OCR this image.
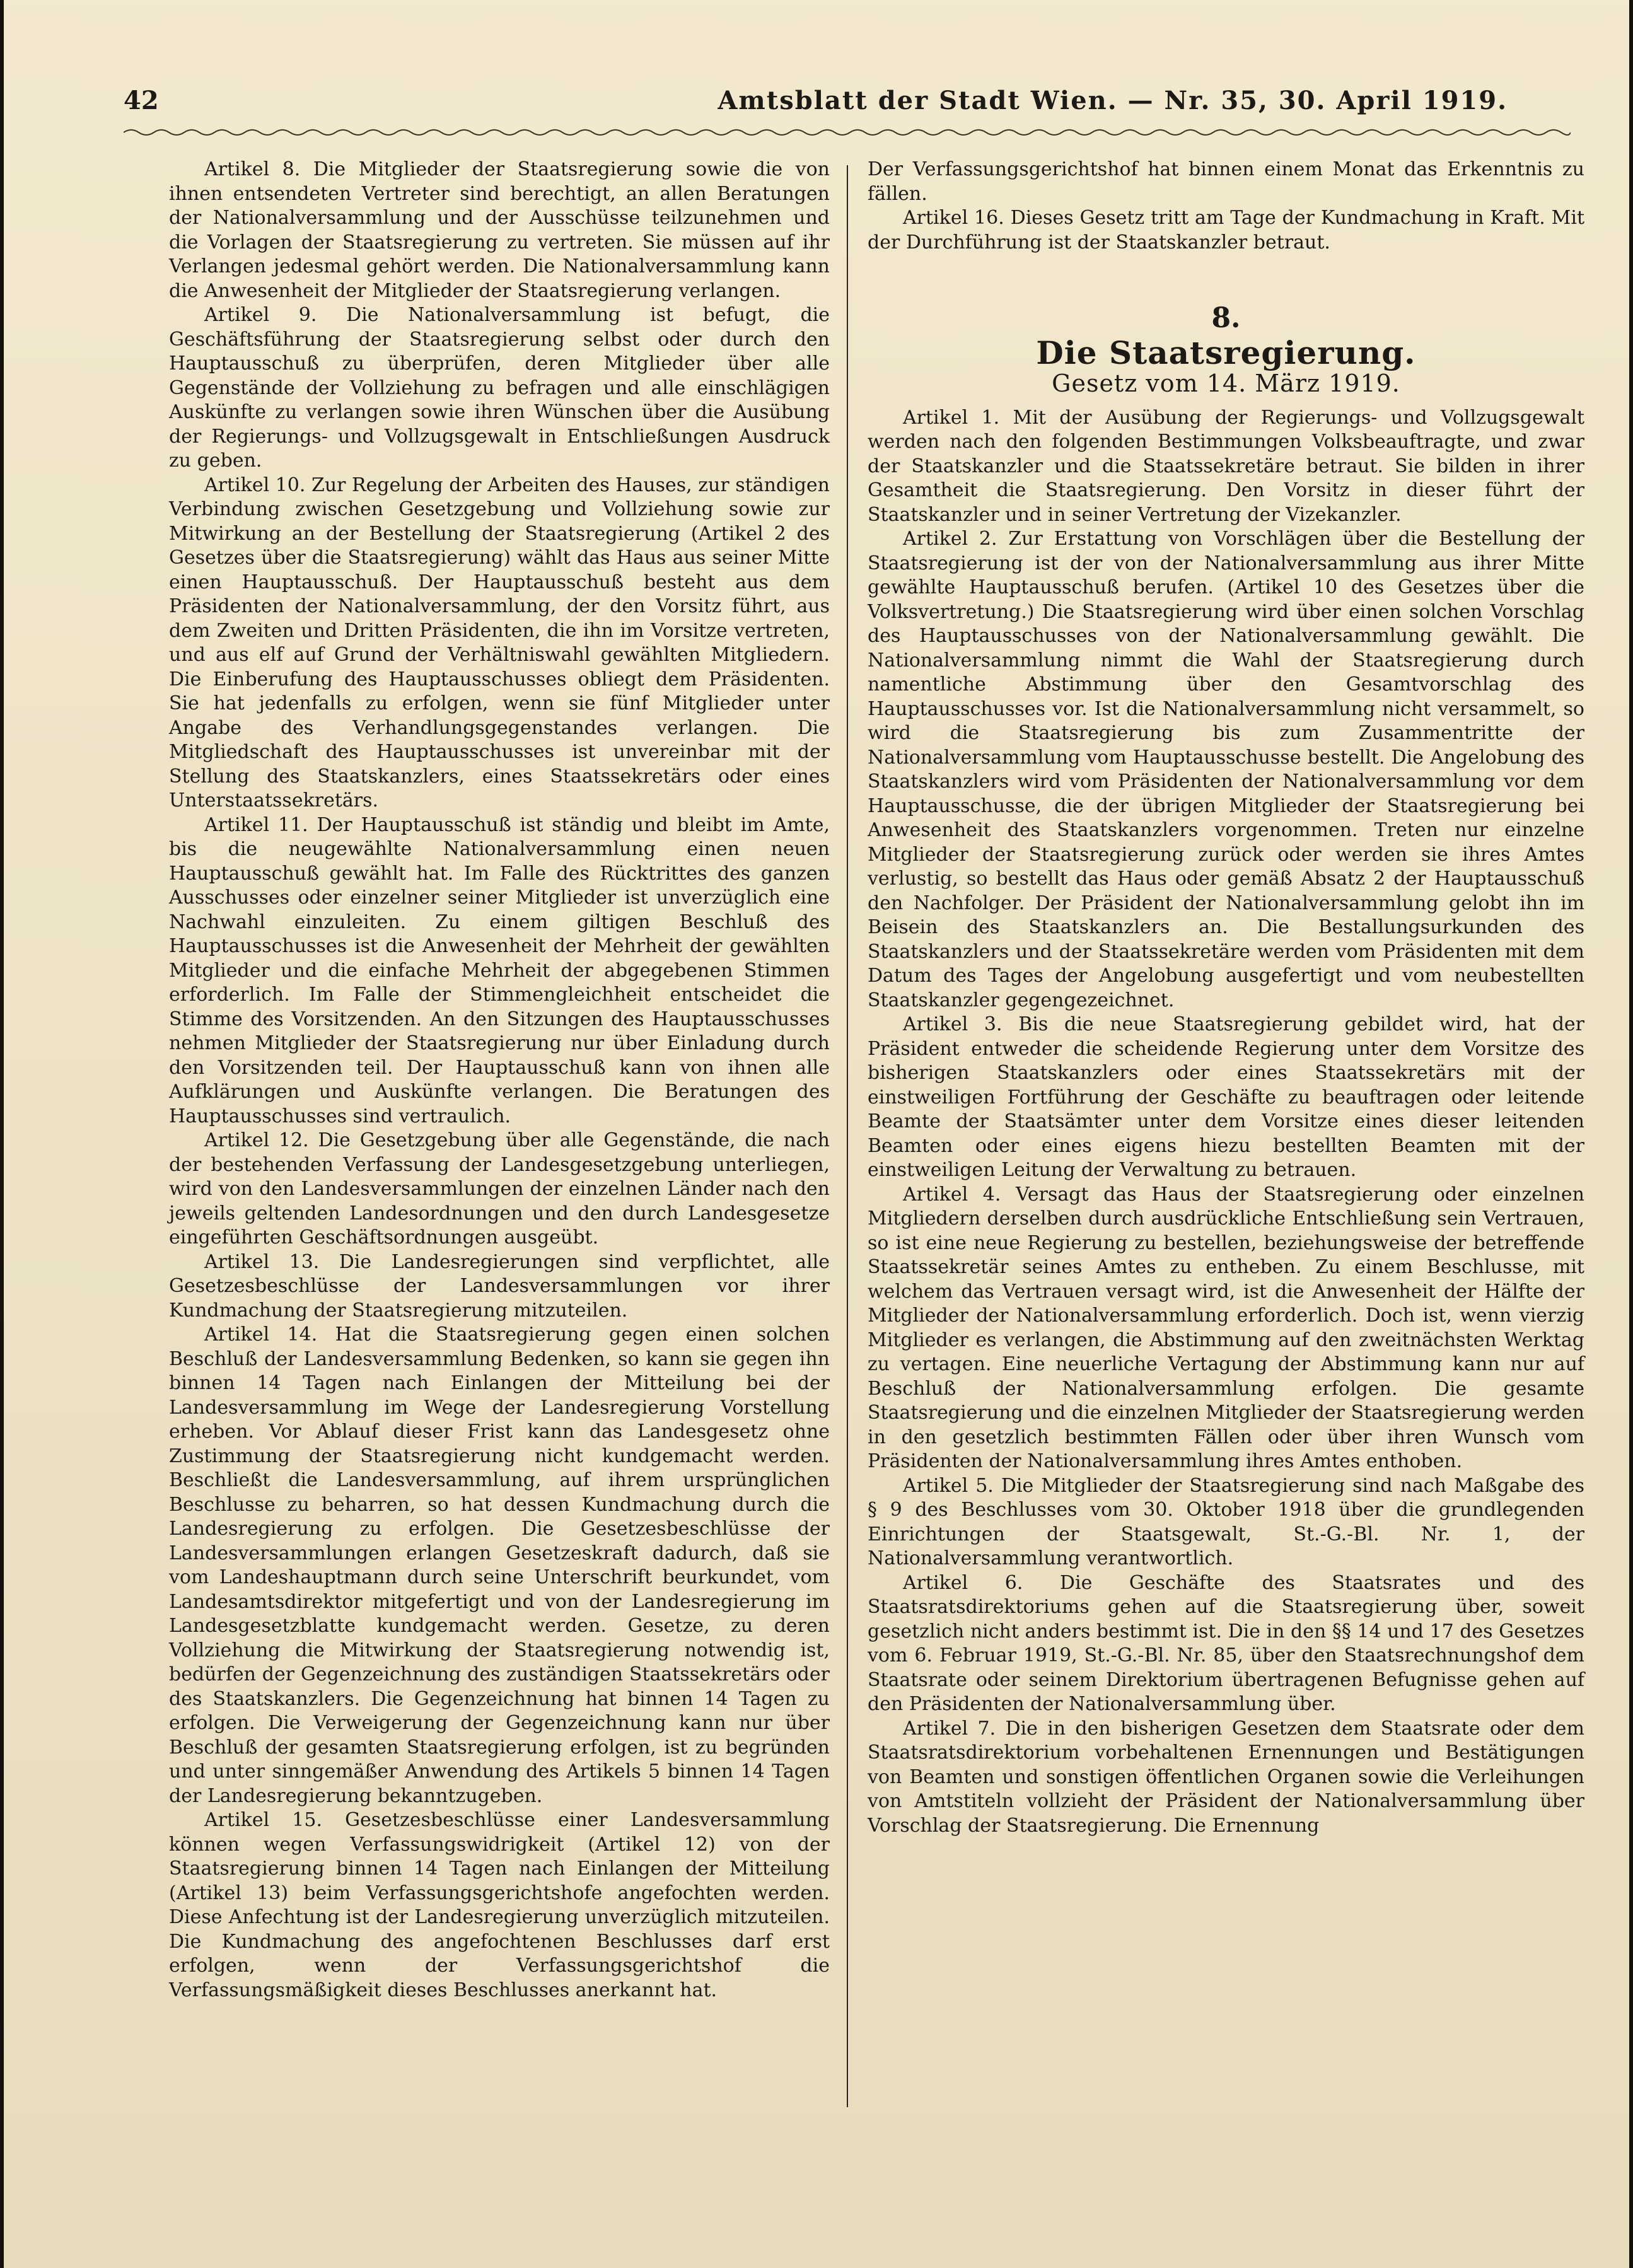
42	Amtsblatt der Stadt Wien. — Nr. 35, 30. April 1919.

Artikel 8. Die Mitglieder der Staatsregierung sowie die von ihnen entsendeten Vertreter sind berechtigt, an allen Beratungen der Nationalversammlung und der Ausschüsse teilzunehmen und die Vorlagen der Staatsregierung zu vertreten. Sie müssen auf ihr Verlangen jedesmal gehört werden. Die Nationalversammlung kann die Anwesenheit der Mitglieder der Staatsregierung verlangen.

Artikel 9. Die Nationalversammlung ist befugt, die Geschäftsführung der Staatsregierung selbst oder durch den Hauptausschuß zu überprüfen, deren Mitglieder über alle Gegenstände der Vollziehung zu befragen und alle einschlägigen Auskünfte zu verlangen sowie ihren Wünschen über die Ausübung der Regierungs- und Vollzugsgewalt in Entschließungen Ausdruck zu geben.

Artikel 10. Zur Regelung der Arbeiten des Hauses, zur ständigen Verbindung zwischen Gesetzgebung und Vollziehung sowie zur Mitwirkung an der Bestellung der Staatsregierung (Artikel 2 des Gesetzes über die Staatsregierung) wählt das Haus aus seiner Mitte einen Hauptausschuß. Der Hauptausschuß besteht aus dem Präsidenten der Nationalversammlung, der den Vorsitz führt, aus dem Zweiten und Dritten Präsidenten, die ihn im Vorsitze vertreten, und aus elf auf Grund der Verhältniswahl gewählten Mitgliedern. Die Einberufung des Hauptausschusses obliegt dem Präsidenten. Sie hat jedenfalls zu erfolgen, wenn sie fünf Mitglieder unter Angabe des Verhandlungsgegenstandes verlangen. Die Mitgliedschaft des Hauptausschusses ist unvereinbar mit der Stellung des Staatskanzlers, eines Staatssekretärs oder eines Unterstaatssekretärs.

Artikel 11. Der Hauptausschuß ist ständig und bleibt im Amte, bis die neugewählte Nationalversammlung einen neuen Hauptausschuß gewählt hat. Im Falle des Rücktrittes des ganzen Ausschusses oder einzelner seiner Mitglieder ist unverzüglich eine Nachwahl einzuleiten. Zu einem giltigen Beschluß des Hauptausschusses ist die Anwesenheit der Mehrheit der gewählten Mitglieder und die einfache Mehrheit der abgegebenen Stimmen erforderlich. Im Falle der Stimmengleichheit entscheidet die Stimme des Vorsitzenden. An den Sitzungen des Hauptausschusses nehmen Mitglieder der Staatsregierung nur über Einladung durch den Vorsitzenden teil. Der Hauptausschuß kann von ihnen alle Aufklärungen und Auskünfte verlangen. Die Beratungen des Hauptausschusses sind vertraulich.

Artikel 12. Die Gesetzgebung über alle Gegenstände, die nach der bestehenden Verfassung der Landesgesetzgebung unterliegen, wird von den Landesversammlungen der einzelnen Länder nach den jeweils geltenden Landesordnungen und den durch Landesgesetze eingeführten Geschäftsordnungen ausgeübt.

Artikel 13. Die Landesregierungen sind verpflichtet, alle Gesetzesbeschlüsse der Landesversammlungen vor ihrer Kundmachung der Staatsregierung mitzuteilen.

Artikel 14. Hat die Staatsregierung gegen einen solchen Beschluß der Landesversammlung Bedenken, so kann sie gegen ihn binnen 14 Tagen nach Einlangen der Mitteilung bei der Landesversammlung im Wege der Landesregierung Vorstellung erheben. Vor Ablauf dieser Frist kann das Landesgesetz ohne Zustimmung der Staatsregierung nicht kundgemacht werden. Beschließt die Landesversammlung, auf ihrem ursprünglichen Beschlusse zu beharren, so hat dessen Kundmachung durch die Landesregierung zu erfolgen. Die Gesetzesbeschlüsse der Landesversammlungen erlangen Gesetzeskraft dadurch, daß sie vom Landeshauptmann durch seine Unterschrift beurkundet, vom Landesamtsdirektor mitgefertigt und von der Landesregierung im Landesgesetzblatte kundgemacht werden. Gesetze, zu deren Vollziehung die Mitwirkung der Staatsregierung notwendig ist, bedürfen der Gegenzeichnung des zuständigen Staatssekretärs oder des Staatskanzlers. Die Gegenzeichnung hat binnen 14 Tagen zu erfolgen. Die Verweigerung der Gegenzeichnung kann nur über Beschluß der gesamten Staatsregierung erfolgen, ist zu begründen und unter sinngemäßer Anwendung des Artikels 5 binnen 14 Tagen der Landesregierung bekanntzugeben.

Artikel 15. Gesetzesbeschlüsse einer Landesversammlung können wegen Verfassungswidrigkeit (Artikel 12) von der Staatsregierung binnen 14 Tagen nach Einlangen der Mitteilung (Artikel 13) beim Verfassungsgerichtshofe angefochten werden. Diese Anfechtung ist der Landesregierung unverzüglich mitzuteilen. Die Kundmachung des angefochtenen Beschlusses darf erst erfolgen, wenn der Verfassungsgerichtshof die Verfassungsmäßigkeit dieses Beschlusses anerkannt hat.

Der Verfassungsgerichtshof hat binnen einem Monat das Erkenntnis zu fällen.

Artikel 16. Dieses Gesetz tritt am Tage der Kundmachung in Kraft. Mit der Durchführung ist der Staatskanzler betraut.

8.
Die Staatsregierung.
Gesetz vom 14. März 1919.

Artikel 1. Mit der Ausübung der Regierungs- und Vollzugsgewalt werden nach den folgenden Bestimmungen Volksbeauftragte, und zwar der Staatskanzler und die Staatssekretäre betraut. Sie bilden in ihrer Gesamtheit die Staatsregierung. Den Vorsitz in dieser führt der Staatskanzler und in seiner Vertretung der Vizekanzler.

Artikel 2. Zur Erstattung von Vorschlägen über die Bestellung der Staatsregierung ist der von der Nationalversammlung aus ihrer Mitte gewählte Hauptausschuß berufen. (Artikel 10 des Gesetzes über die Volksvertretung.) Die Staatsregierung wird über einen solchen Vorschlag des Hauptausschusses von der Nationalversammlung gewählt. Die Nationalversammlung nimmt die Wahl der Staatsregierung durch namentliche Abstimmung über den Gesamtvorschlag des Hauptausschusses vor. Ist die Nationalversammlung nicht versammelt, so wird die Staatsregierung bis zum Zusammentritte der Nationalversammlung vom Hauptausschusse bestellt. Die Angelobung des Staatskanzlers wird vom Präsidenten der Nationalversammlung vor dem Hauptausschusse, die der übrigen Mitglieder der Staatsregierung bei Anwesenheit des Staatskanzlers vorgenommen. Treten nur einzelne Mitglieder der Staatsregierung zurück oder werden sie ihres Amtes verlustig, so bestellt das Haus oder gemäß Absatz 2 der Hauptausschuß den Nachfolger. Der Präsident der Nationalversammlung gelobt ihn im Beisein des Staatskanzlers an. Die Bestallungsurkunden des Staatskanzlers und der Staatssekretäre werden vom Präsidenten mit dem Datum des Tages der Angelobung ausgefertigt und vom neubestellten Staatskanzler gegengezeichnet.

Artikel 3. Bis die neue Staatsregierung gebildet wird, hat der Präsident entweder die scheidende Regierung unter dem Vorsitze des bisherigen Staatskanzlers oder eines Staatssekretärs mit der einstweiligen Fortführung der Geschäfte zu beauftragen oder leitende Beamte der Staatsämter unter dem Vorsitze eines dieser leitenden Beamten oder eines eigens hiezu bestellten Beamten mit der einstweiligen Leitung der Verwaltung zu betrauen.

Artikel 4. Versagt das Haus der Staatsregierung oder einzelnen Mitgliedern derselben durch ausdrückliche Entschließung sein Vertrauen, so ist eine neue Regierung zu bestellen, beziehungsweise der betreffende Staatssekretär seines Amtes zu entheben. Zu einem Beschlusse, mit welchem das Vertrauen versagt wird, ist die Anwesenheit der Hälfte der Mitglieder der Nationalversammlung erforderlich. Doch ist, wenn vierzig Mitglieder es verlangen, die Abstimmung auf den zweitnächsten Werktag zu vertagen. Eine neuerliche Vertagung der Abstimmung kann nur auf Beschluß der Nationalversammlung erfolgen. Die gesamte Staatsregierung und die einzelnen Mitglieder der Staatsregierung werden in den gesetzlich bestimmten Fällen oder über ihren Wunsch vom Präsidenten der Nationalversammlung ihres Amtes enthoben.

Artikel 5. Die Mitglieder der Staatsregierung sind nach Maßgabe des § 9 des Beschlusses vom 30. Oktober 1918 über die grundlegenden Einrichtungen der Staatsgewalt, St.-G.-Bl. Nr. 1, der Nationalversammlung verantwortlich.

Artikel 6. Die Geschäfte des Staatsrates und des Staatsratsdirektoriums gehen auf die Staatsregierung über, soweit gesetzlich nicht anders bestimmt ist. Die in den §§ 14 und 17 des Gesetzes vom 6. Februar 1919, St.-G.-Bl. Nr. 85, über den Staatsrechnungshof dem Staatsrate oder seinem Direktorium übertragenen Befugnisse gehen auf den Präsidenten der Nationalversammlung über.

Artikel 7. Die in den bisherigen Gesetzen dem Staatsrate oder dem Staatsratsdirektorium vorbehaltenen Ernennungen und Bestätigungen von Beamten und sonstigen öffentlichen Organen sowie die Verleihungen von Amtstiteln vollzieht der Präsident der Nationalversammlung über Vorschlag der Staatsregierung. Die Ernennung
